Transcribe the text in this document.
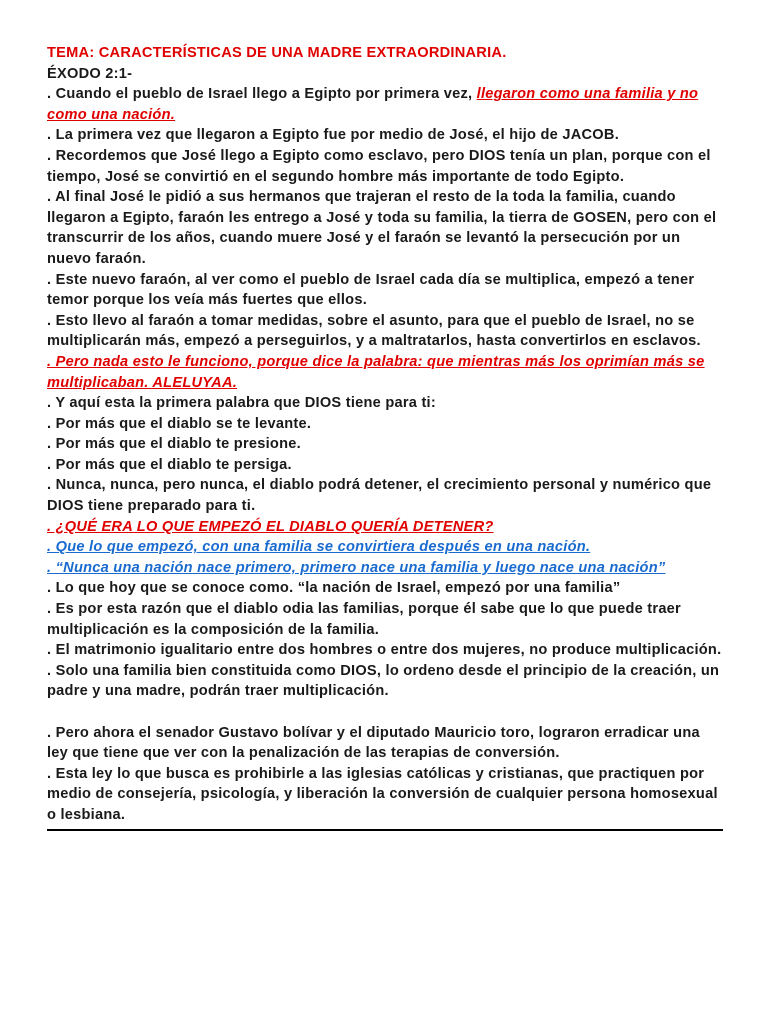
TEMA: CARACTERÍSTICAS DE UNA MADRE EXTRAORDINARIA.

ÉXODO 2:1-

. Cuando el pueblo de Israel llego a Egipto por primera vez, llegaron como una familia y no como una nación.

. La primera vez que llegaron a Egipto fue por medio de José, el hijo de JACOB.

. Recordemos que José llego a Egipto como esclavo, pero DIOS tenía un plan, porque con el tiempo, José se convirtió en el segundo hombre más importante de todo Egipto.

. Al final José le pidió a sus hermanos que trajeran el resto de la toda la familia, cuando llegaron a Egipto, faraón les entrego a José y toda su familia, la tierra de GOSEN, pero con el transcurrir de los años, cuando muere José y el faraón se levantó la persecución por un nuevo faraón.

. Este nuevo faraón, al ver como el pueblo de Israel cada día se multiplica, empezó a tener temor porque los veía más fuertes que ellos.

. Esto llevo al faraón a tomar medidas, sobre el asunto, para que el pueblo de Israel, no se multiplicarán más, empezó a perseguirlos, y a maltratarlos, hasta convertirlos en esclavos.

. Pero nada esto le funciono, porque dice la palabra: que mientras más los oprimían más se multiplicaban. ALELUYAA.

. Y aquí esta la primera palabra que DIOS tiene para ti:

. Por más que el diablo se te levante.

. Por más que el diablo te presione.

. Por más que el diablo te persiga.

. Nunca, nunca, pero nunca, el diablo podrá detener, el crecimiento personal y numérico que DIOS tiene preparado para ti.

. ¿QUÉ ERA LO QUE EMPEZÓ EL DIABLO QUERÍA DETENER?

. Que lo que empezó, con una familia se convirtiera después en una nación.

. “Nunca una nación nace primero, primero nace una familia y luego nace una nación”

. Lo que hoy que se conoce como. “la nación de Israel, empezó por una familia”

. Es por esta razón que el diablo odia las familias, porque él sabe que lo que puede traer multiplicación es la composición de la familia.

. El matrimonio igualitario entre dos hombres o entre dos mujeres, no produce multiplicación.

. Solo una familia bien constituida como DIOS, lo ordeno desde el principio de la creación, un padre y una madre, podrán traer multiplicación.

. Pero ahora el senador Gustavo bolívar y el diputado Mauricio toro, lograron erradicar una ley que tiene que ver con la penalización de las terapias de conversión.

. Esta ley lo que busca es prohibirle a las iglesias católicas y cristianas, que practiquen por medio de consejería, psicología, y liberación la conversión de cualquier persona homosexual o lesbiana.
